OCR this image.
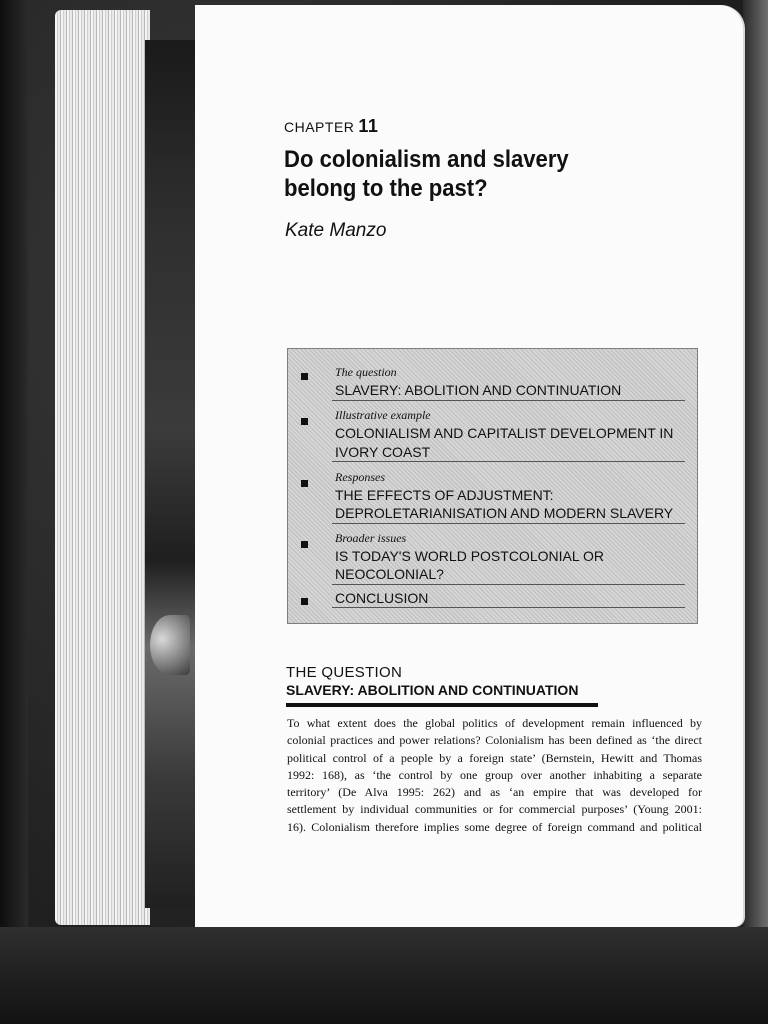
CHAPTER 11
Do colonialism and slavery
belong to the past?
Kate Manzo
The question
SLAVERY: ABOLITION AND CONTINUATION
Illustrative example
COLONIALISM AND CAPITALIST DEVELOPMENT IN
IVORY COAST
Responses
THE EFFECTS OF ADJUSTMENT:
DEPROLETARIANISATION AND MODERN SLAVERY
Broader issues
IS TODAY'S WORLD POSTCOLONIAL OR
NEOCOLONIAL?
CONCLUSION
THE QUESTION
SLAVERY: ABOLITION AND CONTINUATION
To what extent does the global politics of development remain influenced by
colonial practices and power relations? Colonialism has been defined as ‘the direct
political control of a people by a foreign state’ (Bernstein, Hewitt and Thomas
1992: 168), as ‘the control by one group over another inhabiting a separate
territory’ (De Alva 1995: 262) and as ‘an empire that was developed for
settlement by individual communities or for commercial purposes’ (Young 2001:
16). Colonialism therefore implies some degree of foreign command and political
